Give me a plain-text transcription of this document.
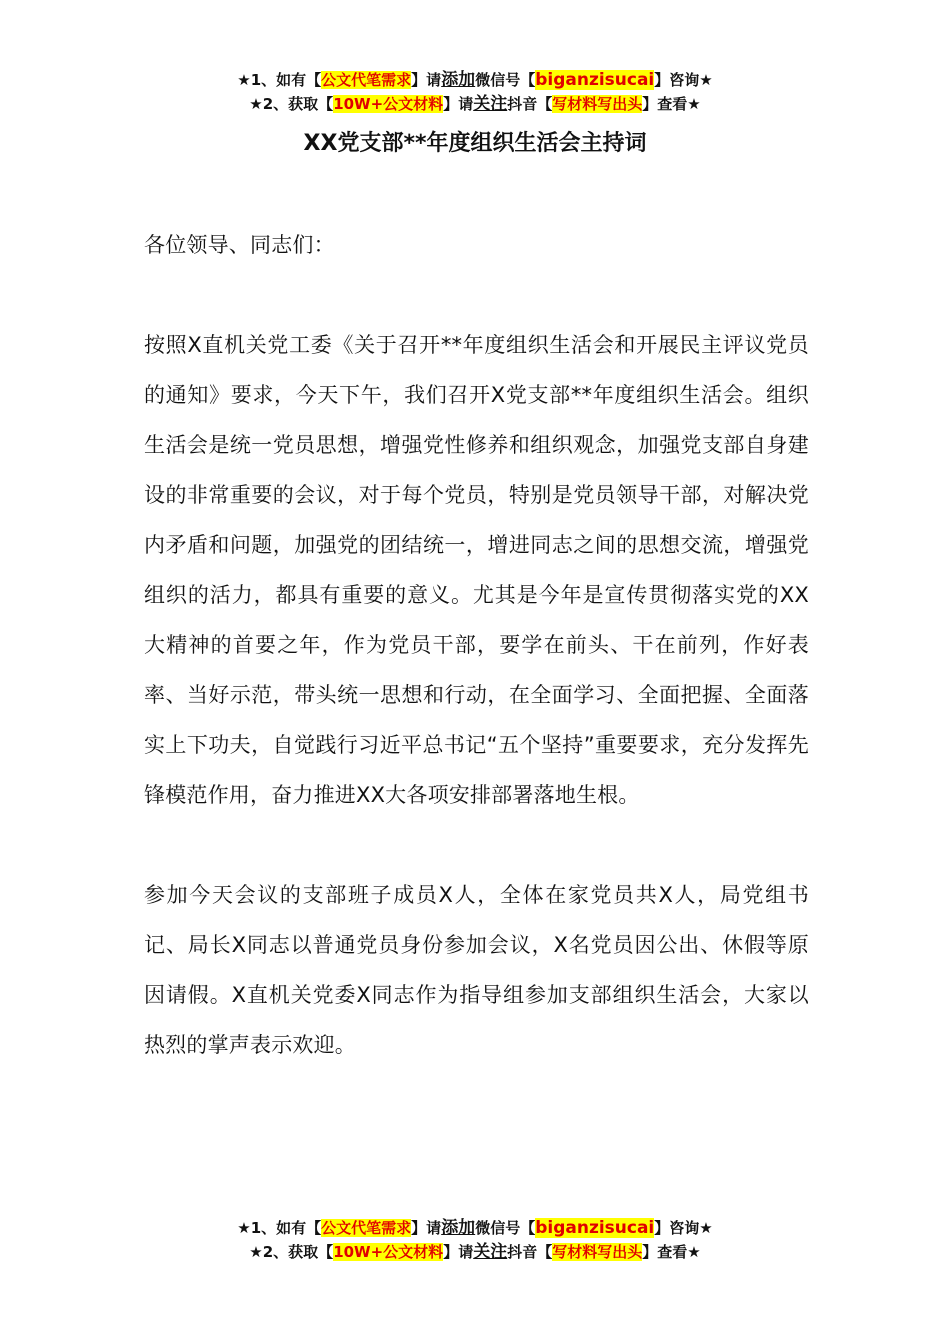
★1、如有【公文代笔需求】请添加微信号【biganzisucai】咨询★
★2、获取【10W+公文材料】请关注抖音【写材料写出头】查看★
XX党支部**年度组织生活会主持词

各位领导、同志们：

按照X直机关党工委《关于召开**年度组织生活会和开展民主评议党员的通知》要求，今天下午，我们召开X党支部**年度组织生活会。组织生活会是统一党员思想，增强党性修养和组织观念，加强党支部自身建设的非常重要的会议，对于每个党员，特别是党员领导干部，对解决党内矛盾和问题，加强党的团结统一，增进同志之间的思想交流，增强党组织的活力，都具有重要的意义。尤其是今年是宣传贯彻落实党的XX大精神的首要之年，作为党员干部，要学在前头、干在前列，作好表率、当好示范，带头统一思想和行动，在全面学习、全面把握、全面落实上下功夫，自觉践行习近平总书记“五个坚持”重要要求，充分发挥先锋模范作用，奋力推进XX大各项安排部署落地生根。

参加今天会议的支部班子成员X人，全体在家党员共X人，局党组书记、局长X同志以普通党员身份参加会议，X名党员因公出、休假等原因请假。X直机关党委X同志作为指导组参加支部组织生活会，大家以热烈的掌声表示欢迎。

★1、如有【公文代笔需求】请添加微信号【biganzisucai】咨询★
★2、获取【10W+公文材料】请关注抖音【写材料写出头】查看★
